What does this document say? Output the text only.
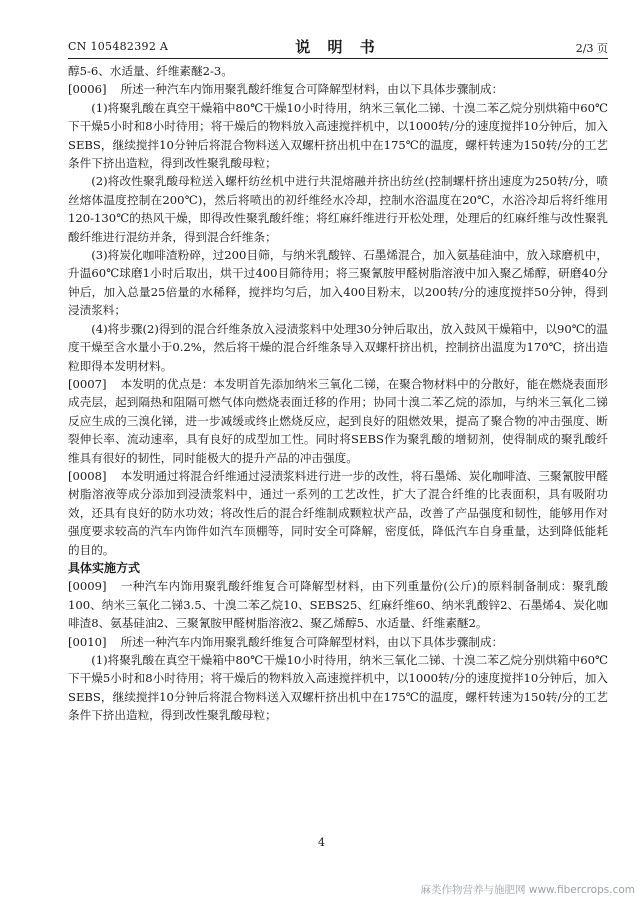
CN 105482392 A	说 明 书	2/3 页

醇5-6、水适量、纤维素醚2-3。

[0006] 所述一种汽车内饰用聚乳酸纤维复合可降解型材料，由以下具体步骤制成：

(1)将聚乳酸在真空干燥箱中80℃干燥10小时待用，纳米三氧化二锑、十溴二苯乙烷分别烘箱中60℃下干燥5小时和8小时待用；将干燥后的物料放入高速搅拌机中，以1000转/分的速度搅拌10分钟后，加入SEBS，继续搅拌10分钟后将混合物料送入双螺杆挤出机中在175℃的温度，螺杆转速为150转/分的工艺条件下挤出造粒，得到改性聚乳酸母粒；

(2)将改性聚乳酸母粒送入螺杆纺丝机中进行共混熔融并挤出纺丝(控制螺杆挤出速度为250转/分，喷丝熔体温度控制在200℃)，然后将喷出的初纤维经水冷却，控制水浴温度在20℃，水浴冷却后将纤维用120-130℃的热风干燥，即得改性聚乳酸纤维；将红麻纤维进行开松处理，处理后的红麻纤维与改性聚乳酸纤维进行混纺并条，得到混合纤维条；

(3)将炭化咖啡渣粉碎，过200目筛，与纳米乳酸锌、石墨烯混合，加入氨基硅油中，放入球磨机中，升温60℃球磨1小时后取出，烘干过400目筛待用；将三聚氰胺甲醛树脂溶液中加入聚乙烯醇，研磨40分钟后，加入总量25倍量的水稀释，搅拌均匀后，加入400目粉末，以200转/分的速度搅拌50分钟，得到浸渍浆料；

(4)将步骤(2)得到的混合纤维条放入浸渍浆料中处理30分钟后取出，放入鼓风干燥箱中，以90℃的温度干燥至含水量小于0.2%，然后将干燥的混合纤维条导入双螺杆挤出机，控制挤出温度为170℃，挤出造粒即得本发明材料。

[0007] 本发明的优点是：本发明首先添加纳米三氧化二锑，在聚合物材料中的分散好，能在燃烧表面形成壳层，起到隔热和阻隔可燃气体向燃烧表面迁移的作用；协同十溴二苯乙烷的添加，与纳米三氧化二锑反应生成的三溴化锑，进一步减缓或终止燃烧反应，起到良好的阻燃效果，提高了聚合物的冲击强度、断裂伸长率、流动速率，具有良好的成型加工性。同时将SEBS作为聚乳酸的增韧剂，使得制成的聚乳酸纤维具有很好的韧性，同时能极大的提升产品的冲击强度。

[0008] 本发明通过将混合纤维通过浸渍浆料进行进一步的改性，将石墨烯、炭化咖啡渣、三聚氰胺甲醛树脂溶液等成分添加到浸渍浆料中，通过一系列的工艺改性，扩大了混合纤维的比表面积，具有吸附功效，还具有良好的防水功效；将改性后的混合纤维制成颗粒状产品，改善了产品强度和韧性，能够用作对强度要求较高的汽车内饰件如汽车顶棚等，同时安全可降解，密度低，降低汽车自身重量，达到降低能耗的目的。

具体实施方式

[0009] 一种汽车内饰用聚乳酸纤维复合可降解型材料，由下列重量份(公斤)的原料制备制成：聚乳酸100、纳米三氧化二锑3.5、十溴二苯乙烷10、SEBS25、红麻纤维60、纳米乳酸锌2、石墨烯4、炭化咖啡渣8、氨基硅油2、三聚氰胺甲醛树脂溶液2、聚乙烯醇5、水适量、纤维素醚2。

[0010] 所述一种汽车内饰用聚乳酸纤维复合可降解型材料，由以下具体步骤制成：

(1)将聚乳酸在真空干燥箱中80℃干燥10小时待用，纳米三氧化二锑、十溴二苯乙烷分别烘箱中60℃下干燥5小时和8小时待用；将干燥后的物料放入高速搅拌机中，以1000转/分的速度搅拌10分钟后，加入SEBS，继续搅拌10分钟后将混合物料送入双螺杆挤出机中在175℃的温度，螺杆转速为150转/分的工艺条件下挤出造粒，得到改性聚乳酸母粒；

4
麻类作物营养与施肥网 www.fibercrops.com
